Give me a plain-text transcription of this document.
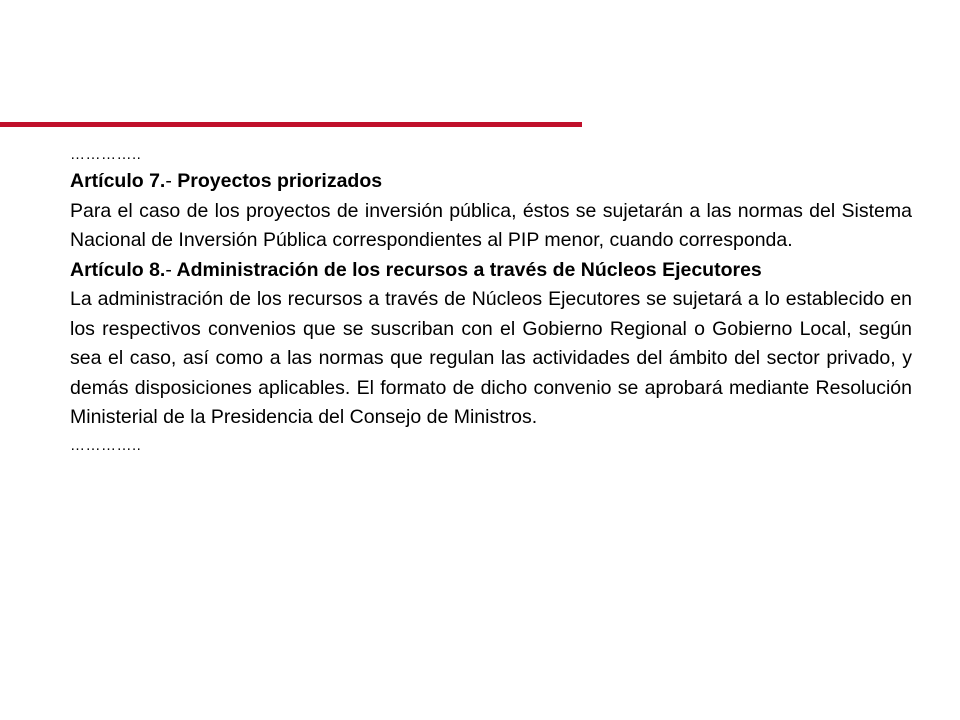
…………..

Artículo 7.- Proyectos priorizados

Para el caso de los proyectos de inversión pública, éstos se sujetarán a las normas del Sistema Nacional de Inversión Pública correspondientes al PIP menor, cuando corresponda.

Artículo 8.- Administración de los recursos a través de Núcleos Ejecutores

La administración de los recursos a través de Núcleos Ejecutores se sujetará a lo establecido en los respectivos convenios que se suscriban con el Gobierno Regional o Gobierno Local, según sea el caso, así como a las normas que regulan las actividades del ámbito del sector privado, y demás disposiciones aplicables. El formato de dicho convenio se aprobará mediante Resolución Ministerial de la Presidencia del Consejo de Ministros.

…………..
